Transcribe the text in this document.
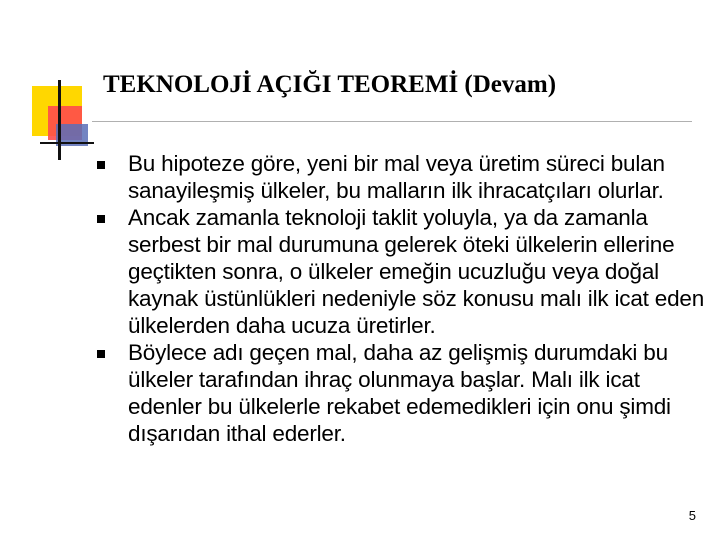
TEKNOLOJİ AÇIĞI TEOREMİ (Devam)
Bu hipoteze göre, yeni bir mal veya üretim süreci bulan sanayileşmiş ülkeler, bu malların ilk ihracatçıları olurlar.
Ancak zamanla teknoloji taklit yoluyla, ya da zamanla serbest bir mal durumuna gelerek öteki ülkelerin ellerine geçtikten sonra, o ülkeler emeğin ucuzluğu veya doğal kaynak üstünlükleri nedeniyle söz konusu malı ilk icat eden ülkelerden daha ucuza üretirler.
Böylece adı geçen mal, daha az gelişmiş durumdaki bu ülkeler tarafından ihraç olunmaya başlar. Malı ilk icat edenler bu ülkelerle rekabet edemedikleri için onu şimdi dışarıdan ithal ederler.
5
